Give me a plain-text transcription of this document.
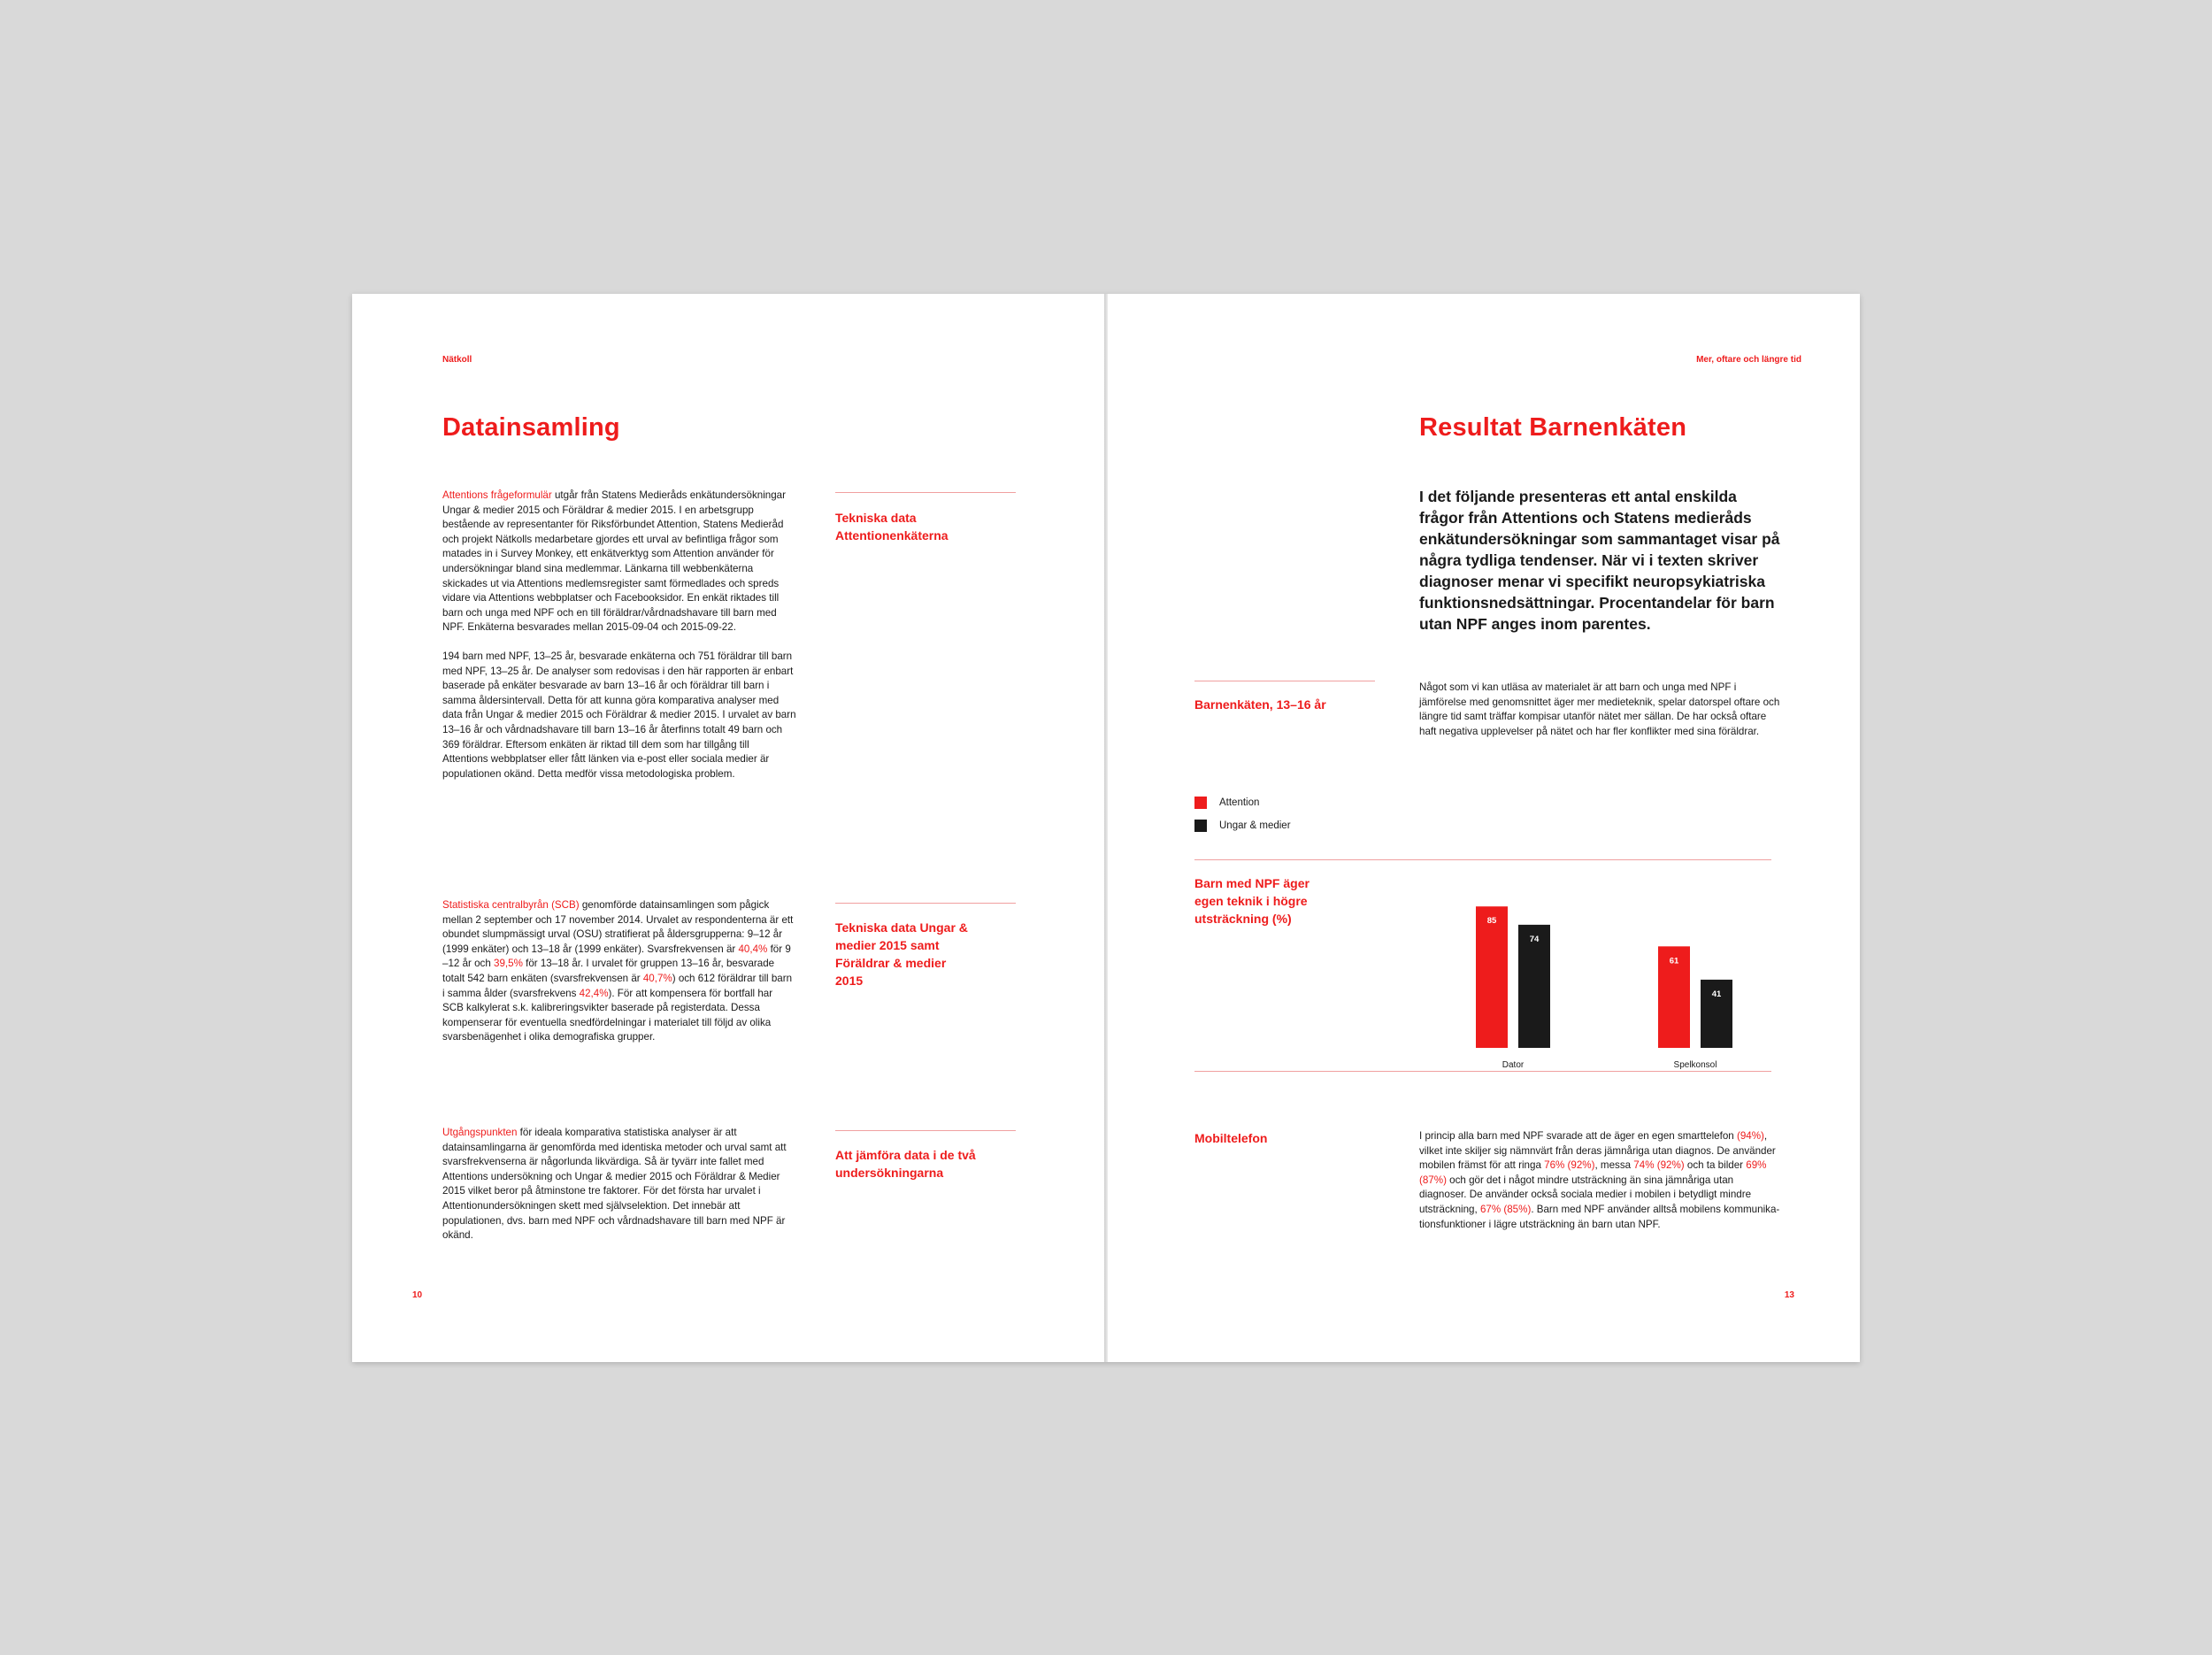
Nätkoll
Datainsamling

Attentions frågeformulär utgår från Statens Medieråds enkätundersökningar Ungar & medier 2015 och Föräldrar & medier 2015. I en arbetsgrupp bestående av representanter för Riksförbundet Attention, Statens Medieråd och projekt Nätkolls medarbetare gjordes ett urval av befintliga frågor som matades in i Survey Monkey, ett enkätverktyg som Attention använder för undersökningar bland sina medlemmar. Länkarna till webbenkäterna skickades ut via Attentions medlemsregister samt förmedlades och spreds vidare via Attentions webbplatser och Facebooksidor. En enkät riktades till barn och unga med NPF och en till föräldrar/vårdnadshavare till barn med NPF. Enkäterna besvarades mellan 2015-09-04 och 2015-09-22.

194 barn med NPF, 13–25 år, besvarade enkäterna och 751 föräldrar till barn med NPF, 13–25 år. De analyser som redovisas i den här rapporten är enbart baserade på enkäter besvarade av barn 13–16 år och föräldrar till barn i samma åldersintervall. Detta för att kunna göra komparativa analyser med data från Ungar & medier 2015 och Föräldrar & medier 2015. I urvalet av barn 13–16 år och vårdnadshavare till barn 13–16 år återfinns totalt 49 barn och 369 föräldrar. Eftersom enkäten är riktad till dem som har tillgång till Attentions webbplatser eller fått länken via e-post eller sociala medier är populationen okänd. Detta medför vissa metodologiska problem.

Tekniska data Attentionenkäterna

Statistiska centralbyrån (SCB) genomförde datainsamlingen som pågick mellan 2 september och 17 november 2014. Urvalet av respondenterna är ett obundet slumpmässigt urval (OSU) stratifierat på åldersgrupperna: 9–12 år (1999 enkäter) och 13–18 år (1999 enkäter). Svarsfrekvensen är 40,4% för 9 –12 år och 39,5% för 13–18 år. I urvalet för gruppen 13–16 år, besvarade totalt 542 barn enkäten (svarsfrekvensen är 40,7%) och 612 föräldrar till barn i samma ålder (svarsfrekvens 42,4%). För att kompensera för bortfall har SCB kalkylerat s.k. kalibreringsvikter baserade på registerdata. Dessa kompenserar för eventuella snedfördelningar i materialet till följd av olika svarsbenägenhet i olika demografiska grupper.

Tekniska data Ungar & medier 2015 samt Föräldrar & medier 2015

Utgångspunkten för ideala komparativa statistiska analyser är att datainsamlingarna är genomförda med identiska metoder och urval samt att svarsfrekvenserna är någorlunda likvärdiga. Så är tyvärr inte fallet med Attentions undersökning och Ungar & medier 2015 och Föräldrar & Medier 2015 vilket beror på åtminstone tre faktorer. För det första har urvalet i Attentionundersökningen skett med självselektion. Det innebär att populationen, dvs. barn med NPF och vårdnadshavare till barn med NPF är okänd.

Att jämföra data i de två undersökningarna
10
Mer, oftare och längre tid
Resultat Barnenkäten
I det följande presenteras ett antal enskilda frågor från Attentions och Statens medieråds enkätundersökningar som sammantaget visar på några tydliga tendenser. När vi i texten skriver diagnoser menar vi specifikt neuropsykiatriska funktionsnedsättningar. Procentandelar för barn utan NPF anges inom parentes.
Barnenkäten, 13–16 år
Något som vi kan utläsa av materialet är att barn och unga med NPF i jämförelse med genomsnittet äger mer medieteknik, spelar datorspel oftare och längre tid samt träffar kompisar utanför nätet mer sällan. De har också oftare haft negativa upplevelser på nätet och har fler konflikter med sina föräldrar.
Attention
Ungar & medier
Barn med NPF äger egen teknik i högre utsträckning (%)	85
74
Dator
61
41
Spelkonsol
Mobiltelefon	I princip alla barn med NPF svarade att de äger en egen smarttelefon (94%), vilket inte skiljer sig nämnvärt från deras jämnåriga utan diagnos. De använder mobilen främst för att ringa 76% (92%), messa 74% (92%) och ta bilder 69% (87%) och gör det i något mindre utsträckning än sina jämnåriga utan diagnoser. De använder också sociala medier i mobilen i betydligt mindre utsträckning, 67% (85%). Barn med NPF använder alltså mobilens kommunikationsfunktioner i lägre utsträckning än barn utan NPF.

13
